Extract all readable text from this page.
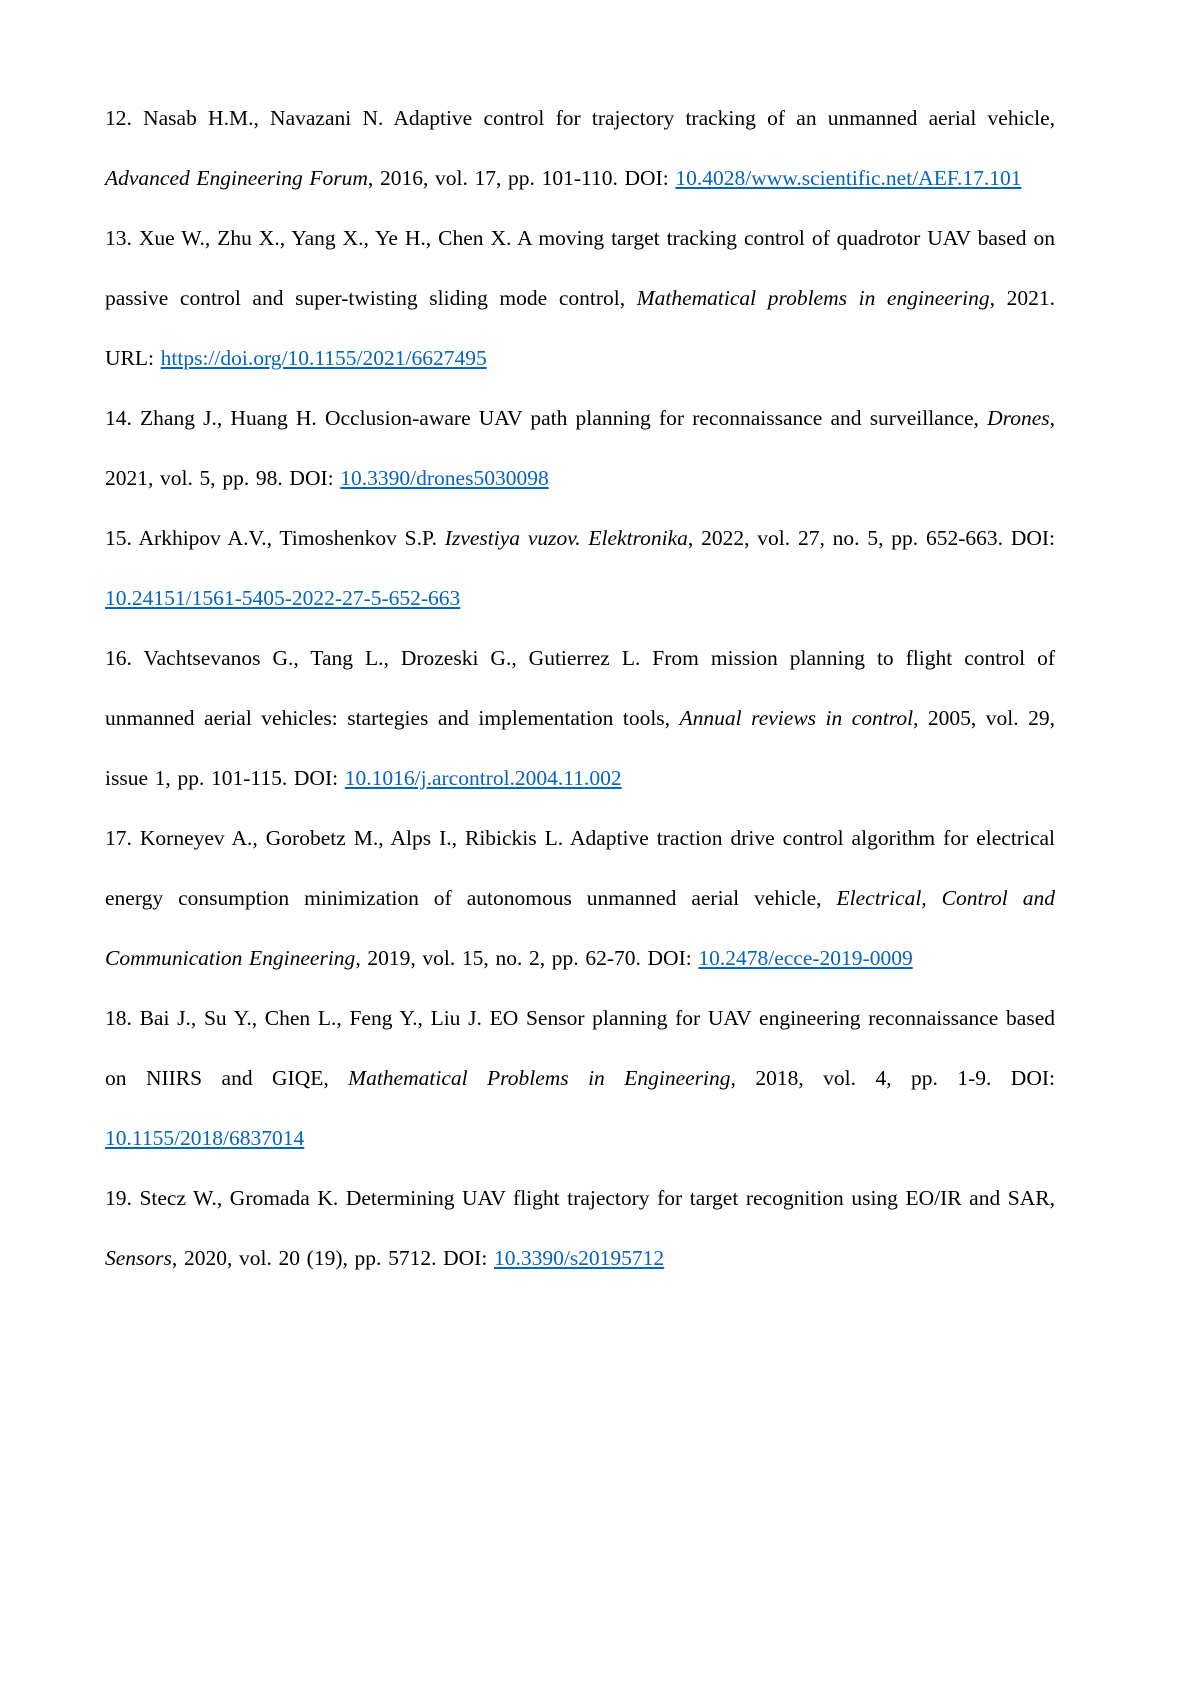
12. Nasab H.M., Navazani N. Adaptive control for trajectory tracking of an unmanned aerial vehicle, Advanced Engineering Forum, 2016, vol. 17, pp. 101-110. DOI: 10.4028/www.scientific.net/AEF.17.101

13. Xue W., Zhu X., Yang X., Ye H., Chen X. A moving target tracking control of quadrotor UAV based on passive control and super-twisting sliding mode control, Mathematical problems in engineering, 2021. URL: https://doi.org/10.1155/2021/6627495

14. Zhang J., Huang H. Occlusion-aware UAV path planning for reconnaissance and surveillance, Drones, 2021, vol. 5, pp. 98. DOI: 10.3390/drones5030098

15. Arkhipov A.V., Timoshenkov S.P. Izvestiya vuzov. Elektronika, 2022, vol. 27, no. 5, pp. 652-663. DOI: 10.24151/1561-5405-2022-27-5-652-663

16. Vachtsevanos G., Tang L., Drozeski G., Gutierrez L. From mission planning to flight control of unmanned aerial vehicles: startegies and implementation tools, Annual reviews in control, 2005, vol. 29, issue 1, pp. 101-115. DOI: 10.1016/j.arcontrol.2004.11.002

17. Korneyev A., Gorobetz M., Alps I., Ribickis L. Adaptive traction drive control algorithm for electrical energy consumption minimization of autonomous unmanned aerial vehicle, Electrical, Control and Communication Engineering, 2019, vol. 15, no. 2, pp. 62-70. DOI: 10.2478/ecce-2019-0009

18. Bai J., Su Y., Chen L., Feng Y., Liu J. EO Sensor planning for UAV engineering reconnaissance based on NIIRS and GIQE, Mathematical Problems in Engineering, 2018, vol. 4, pp. 1-9. DOI: 10.1155/2018/6837014

19. Stecz W., Gromada K. Determining UAV flight trajectory for target recognition using EO/IR and SAR, Sensors, 2020, vol. 20 (19), pp. 5712. DOI: 10.3390/s20195712
